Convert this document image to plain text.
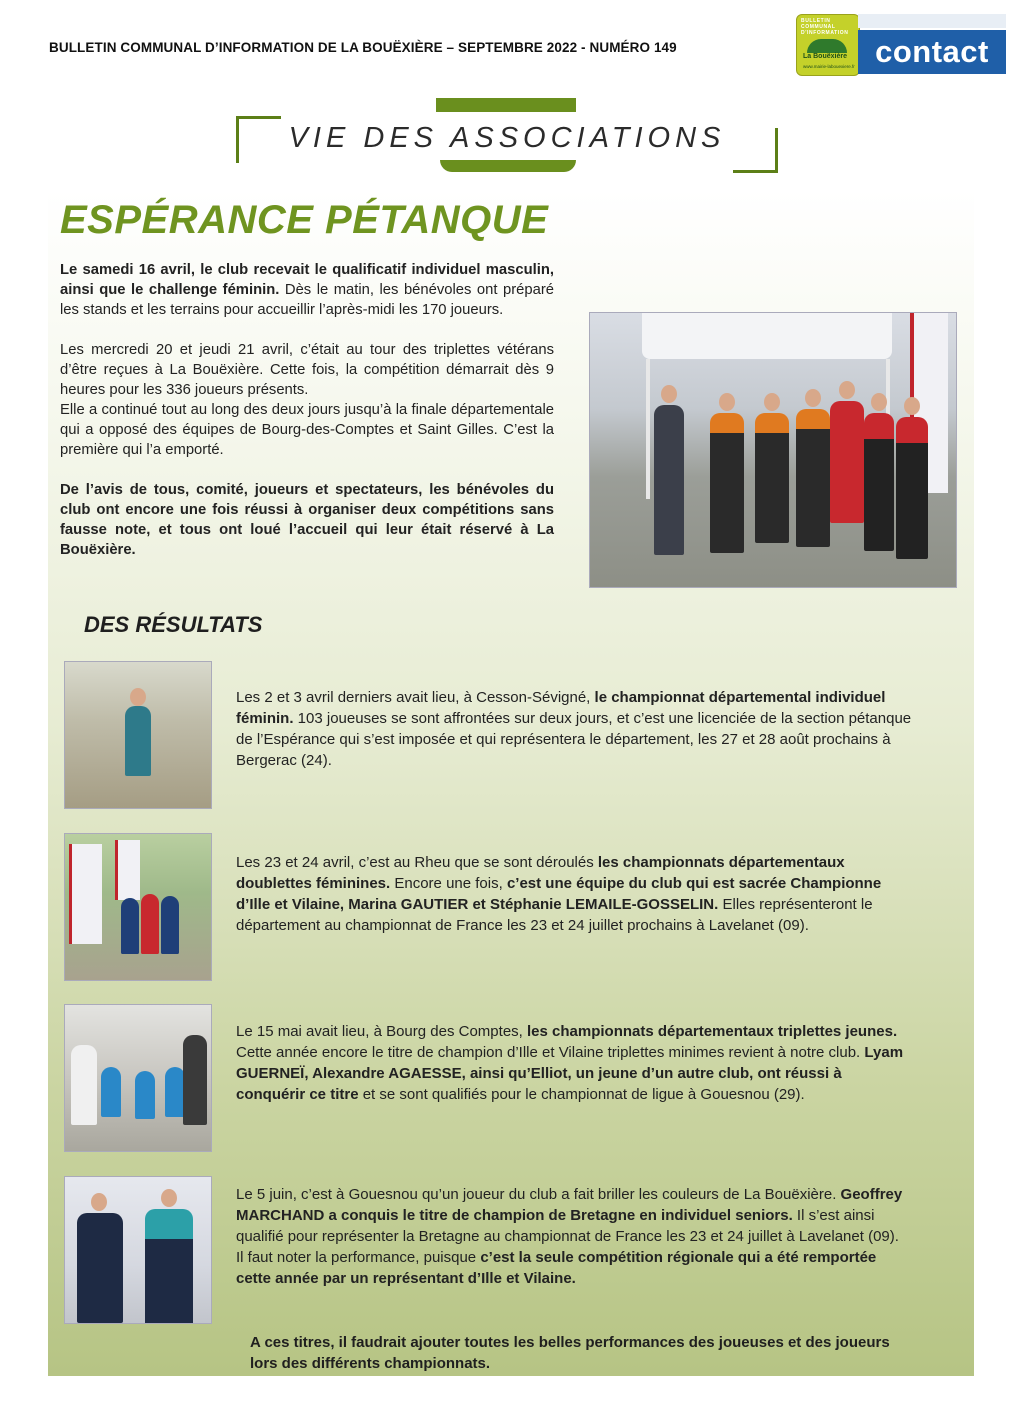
BULLETIN COMMUNAL D’INFORMATION DE LA BOUËXIÈRE – SEPTEMBRE 2022 - NUMÉRO 149
BULLETIN COMMUNAL D'INFORMATION
La Bouëxière
www.mairie-labouexiere.fr contact
VIE DES ASSOCIATIONS
ESPÉRANCE PÉTANQUE

Le samedi 16 avril, le club recevait le qualificatif individuel masculin, ainsi que le challenge féminin. Dès le matin, les bénévoles ont préparé les stands et les terrains pour accueillir l’après-midi les 170 joueurs.

Les mercredi 20 et jeudi 21 avril, c’était au tour des triplettes vétérans d’être reçues à La Bouëxière. Cette fois, la compétition démarrait dès 9 heures pour les 336 joueurs présents.
Elle a continué tout au long des deux jours jusqu’à la finale départementale qui a opposé des équipes de Bourg-des-Comptes et Saint Gilles. C’est la première qui l’a emporté.

De l’avis de tous, comité, joueurs et spectateurs, les bénévoles du club ont encore une fois réussi à organiser deux compétitions sans fausse note, et tous ont loué l’accueil qui leur était réservé à La Bouëxière.

DES RÉSULTATS
Les 2 et 3 avril derniers avait lieu, à Cesson-Sévigné, le championnat départemental individuel féminin. 103 joueuses se sont affrontées sur deux jours, et c’est une licenciée de la section pétanque de l’Espérance qui s’est imposée et qui représentera le département, les 27 et 28 août prochains à Bergerac (24).
Les 23 et 24 avril, c’est au Rheu que se sont déroulés les championnats départementaux doublettes féminines. Encore une fois, c’est une équipe du club qui est sacrée Championne d’Ille et Vilaine, Marina GAUTIER et Stéphanie LEMAILE-GOSSELIN. Elles représenteront le département au championnat de France les 23 et 24 juillet prochains à Lavelanet (09).
Le 15 mai avait lieu, à Bourg des Comptes, les championnats départementaux triplettes jeunes. Cette année encore le titre de champion d’Ille et Vilaine triplettes minimes revient à notre club. Lyam GUERNEÏ, Alexandre AGAESSE, ainsi qu’Elliot, un jeune d’un autre club, ont réussi à conquérir ce titre et se sont qualifiés pour le championnat de ligue à Gouesnou (29).
Le 5 juin, c’est à Gouesnou qu’un joueur du club a fait briller les couleurs de La Bouëxière. Geoffrey MARCHAND a conquis le titre de champion de Bretagne en individuel seniors. Il s’est ainsi qualifié pour représenter la Bretagne au championnat de France les 23 et 24 juillet à Lavelanet (09).
Il faut noter la performance, puisque c’est la seule compétition régionale qui a été remportée cette année par un représentant d’Ille et Vilaine.
A ces titres, il faudrait ajouter toutes les belles performances des joueuses et des joueurs lors des différents championnats.
